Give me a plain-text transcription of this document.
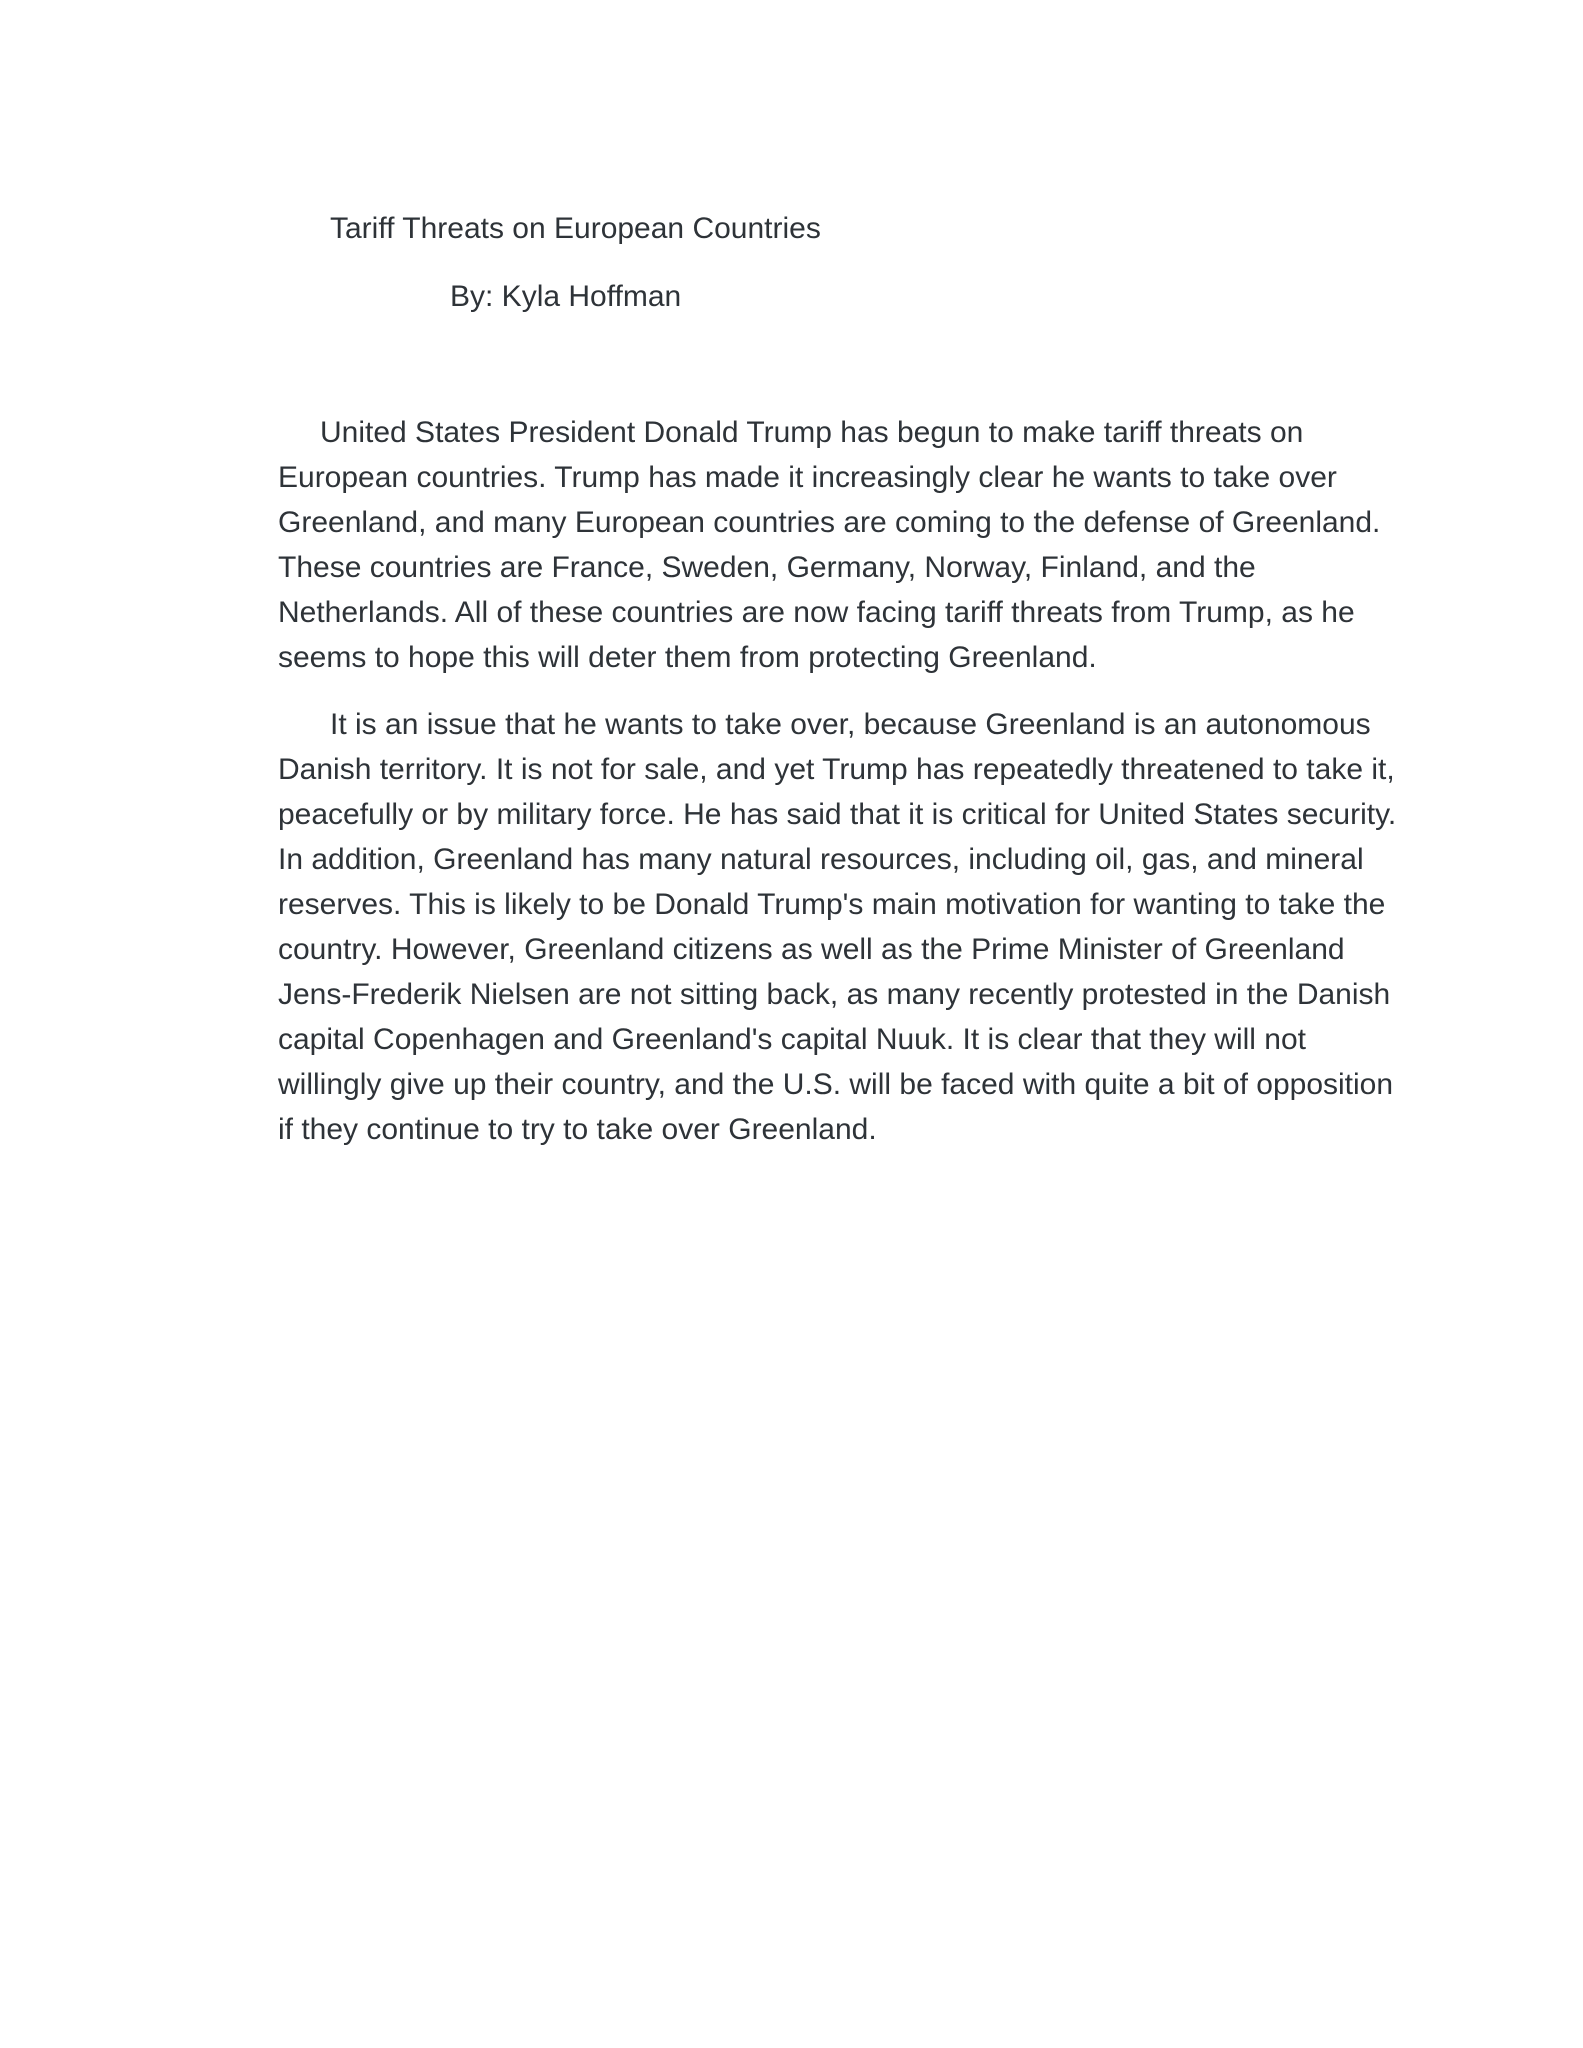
Tariff Threats on European Countries
By: Kyla Hoffman

United States President Donald Trump has begun to make tariff threats on European countries. Trump has made it increasingly clear he wants to take over Greenland, and many European countries are coming to the defense of Greenland. These countries are France, Sweden, Germany, Norway, Finland, and the Netherlands. All of these countries are now facing tariff threats from Trump, as he seems to hope this will deter them from protecting Greenland.

It is an issue that he wants to take over, because Greenland is an autonomous Danish territory. It is not for sale, and yet Trump has repeatedly threatened to take it, peacefully or by military force. He has said that it is critical for United States security. In addition, Greenland has many natural resources, including oil, gas, and mineral reserves. This is likely to be Donald Trump's main motivation for wanting to take the country. However, Greenland citizens as well as the Prime Minister of Greenland Jens-Frederik Nielsen are not sitting back, as many recently protested in the Danish capital Copenhagen and Greenland's capital Nuuk. It is clear that they will not willingly give up their country, and the U.S. will be faced with quite a bit of opposition if they continue to try to take over Greenland.
